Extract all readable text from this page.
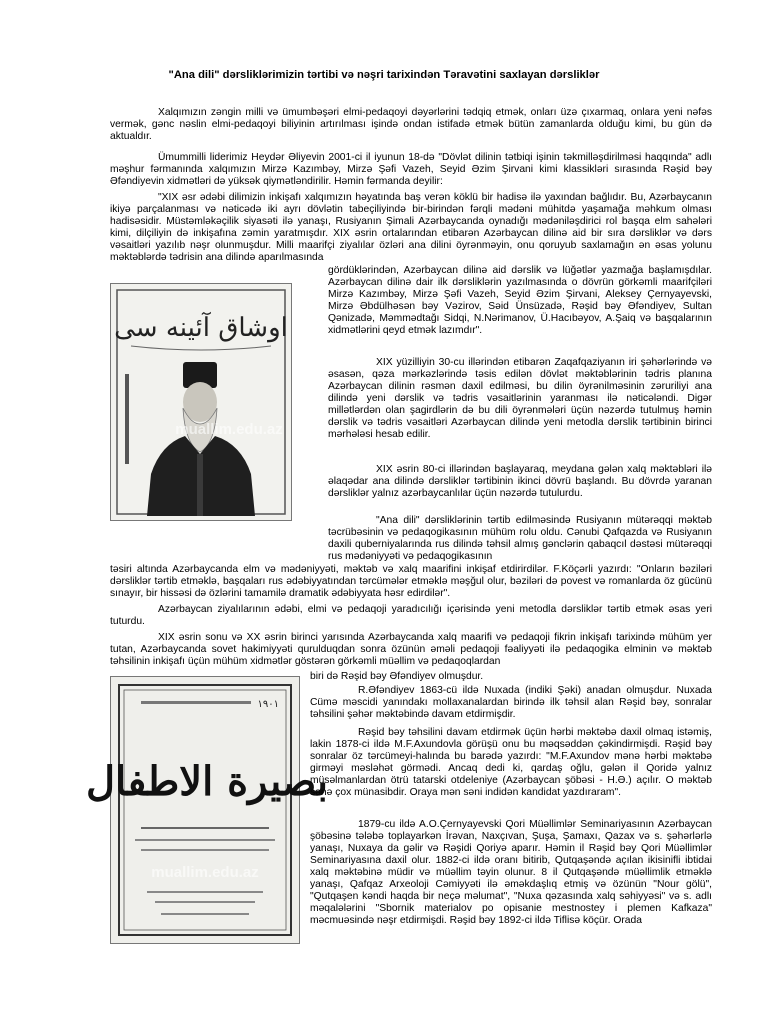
"Ana dili" dərsliklərimizin tərtibi və nəşri tarixindən Təravətini saxlayan dərsliklər

Xalqımızın zəngin milli və ümumbəşəri elmi-pedaqoyi dəyərlərini tədqiq etmək, onları üzə çıxarmaq, onlara yeni nəfəs vermək, gənc nəslin elmi-pedaqoyi biliyinin artırılması işində ondan istifadə etmək bütün zamanlarda olduğu kimi, bu gün də aktualdır.

Ümummilli liderimiz Heydər Əliyevin 2001-ci il iyunun 18-də "Dövlət dilinin tətbiqi işinin təkmilləşdirilməsi haqqında" adlı məşhur fərmanında xalqımızın Mirzə Kazımbəy, Mirzə Şəfi Vazeh, Seyid Əzim Şirvani kimi klassikləri sırasında Rəşid bəy Əfəndiyevin xidmətləri də yüksək qiymətləndirilir. Həmin fərmanda deyilir:

"XIX əsr ədəbi dilimizin inkişafı xalqımızın həyatında baş verən köklü bir hadisə ilə yaxından bağlıdır. Bu, Azərbaycanın ikiyə parçalanması və nəticədə iki ayrı dövlətin tabeçiliyində bir-birindən fərqli mədəni mühitdə yaşamağa məhkum olması hadisəsidir. Müstəmləkəçilik siyasəti ilə yanaşı, Rusiyanın Şimali Azərbaycanda oynadığı mədəniləşdirici rol başqa elm sahələri kimi, dilçiliyin də inkişafına zəmin yaratmışdır. XIX əsrin ortalarından etibarən Azərbaycan dilinə aid bir sıra dərsliklər və dərs vəsaitləri yazılıb nəşr olunmuşdur. Milli maarifçi ziyalılar özləri ana dilini öyrənməyin, onu qoruyub saxlamağın ən əsas yolunu məktəblərdə tədrisin ana dilində aparılmasında

اوشاق آئینه سی
muallim.edu.az

gördüklərindən, Azərbaycan dilinə aid dərslik və lüğətlər yazmağa başlamışdılar. Azərbaycan dilinə dair ilk dərsliklərin yazılmasında o dövrün görkəmli maarifçiləri Mirzə Kazımbəy, Mirzə Şəfi Vazeh, Seyid Əzim Şirvani, Aleksey Çernyayevski, Mirzə Əbdülhəsən bəy Vəzirov, Səid Ünsüzadə, Rəşid bəy Əfəndiyev, Sultan Qənizadə, Məmmədtağı Sidqi, N.Nərimanov, Ü.Hacıbəyov, A.Şaiq və başqalarının xidmətlərini qeyd etmək lazımdır".

XIX yüzilliyin 30-cu illərindən etibarən Zaqafqaziyanın iri şəhərlərində və əsasən, qəza mərkəzlərində təsis edilən dövlət məktəblərinin tədris planına Azərbaycan dilinin rəsmən daxil edilməsi, bu dilin öyrənilməsinin zəruriliyi ana dilində yeni dərslik və tədris vəsaitlərinin yaranması ilə nəticələndi. Digər millətlərdən olan şagirdlərin də bu dili öyrənmələri üçün nəzərdə tutulmuş həmin dərslik və tədris vəsaitləri Azərbaycan dilində yeni metodla dərslik tərtibinin birinci mərhələsi hesab edilir.

XIX əsrin 80-ci illərindən başlayaraq, meydana gələn xalq məktəbləri ilə əlaqədar ana dilində dərsliklər tərtibinin ikinci dövrü başlandı. Bu dövrdə yaranan dərsliklər yalnız azərbaycanlılar üçün nəzərdə tutulurdu.

"Ana dili" dərsliklərinin tərtib edilməsində Rusiyanın mütərəqqi məktəb təcrübəsinin və pedaqogikasının mühüm rolu oldu. Cənubi Qafqazda və Rusiyanın daxili quberniyalarında rus dilində təhsil almış gənclərin qabaqcıl dəstəsi mütərəqqi rus mədəniyyəti və pedaqogikasının

təsiri altında Azərbaycanda elm və mədəniyyəti, məktəb və xalq maarifini inkişaf etdirirdilər. F.Köçərli yazırdı: "Onların bəziləri dərsliklər tərtib etməklə, başqaları rus ədəbiyyatından tərcümələr etməklə məşğul olur, bəziləri də povest və romanlarda öz gücünü sınayır, bir hissəsi də özlərini tamamilə dramatik ədəbiyyata həsr edirdilər".

Azərbaycan ziyalılarının ədəbi, elmi və pedaqoji yaradıcılığı içərisində yeni metodla dərsliklər tərtib etmək əsas yeri tuturdu.

XIX əsrin sonu və XX əsrin birinci yarısında Azərbaycanda xalq maarifi və pedaqoji fikrin inkişafı tarixində mühüm yer tutan, Azərbaycanda sovet hakimiyyəti qurulduqdan sonra özünün əməli pedaqoji fəaliyyəti ilə pedaqogika elminin və məktəb təhsilinin inkişafı üçün mühüm xidmətlər göstərən görkəmli müəllim və pedaqoqlardan

١٩٠١
بصیرة الاطفال
muallim.edu.az

biri də Rəşid bəy Əfəndiyev olmuşdur.

R.Əfəndiyev 1863-cü ildə Nuxada (indiki Şəki) anadan olmuşdur. Nuxada Cümə məscidi yanındakı mollaxanalardan birində ilk təhsil alan Rəşid bəy, sonralar təhsilini şəhər məktəbində davam etdirmişdir.

Rəşid bəy təhsilini davam etdirmək üçün hərbi məktəbə daxil olmaq istəmiş, lakin 1878-ci ildə M.F.Axundovla görüşü onu bu məqsəddən çəkindirmişdi. Rəşid bəy sonralar öz tərcümeyi-halında bu barədə yazırdı: "M.F.Axundov mənə hərbi məktəbə girməyi məsləhət görmədi. Ancaq dedi ki, qardaş oğlu, gələn il Qoridə yalnız müsəlmanlardan ötrü tatarski otdeleniye (Azərbaycan şöbəsi - H.Ə.) açılır. O məktəb sənə çox münasibdir. Oraya mən səni indidən kandidat yazdıraram".

1879-cu ildə A.O.Çernyayevski Qori Müəllimlər Seminariyasının Azərbaycan şöbəsinə tələbə toplayarkən İrəvan, Naxçıvan, Şuşa, Şamaxı, Qazax və s. şəhərlərlə yanaşı, Nuxaya da gəlir və Rəşidi Qoriyə aparır. Həmin il Rəşid bəy Qori Müəllimlər Seminariyasına daxil olur. 1882-ci ildə oranı bitirib, Qutqaşəndə açılan ikisinifli ibtidai xalq məktəbinə müdir və müəllim təyin olunur. 8 il Qutqaşəndə müəllimlik etməklə yanaşı, Qafqaz Arxeoloji Cəmiyyəti ilə əməkdaşlıq etmiş və özünün "Nour gölü", "Qutqaşen kəndi haqda bir neçə məlumat", "Nuxa qəzasında xalq səhiyyəsi" və s. adlı məqalələrini "Sbornik materialov po opisanie mestnostey i plemen Kafkaza" məcmuəsində nəşr etdirmişdi. Rəşid bəy 1892-ci ildə Tiflisə köçür. Orada
